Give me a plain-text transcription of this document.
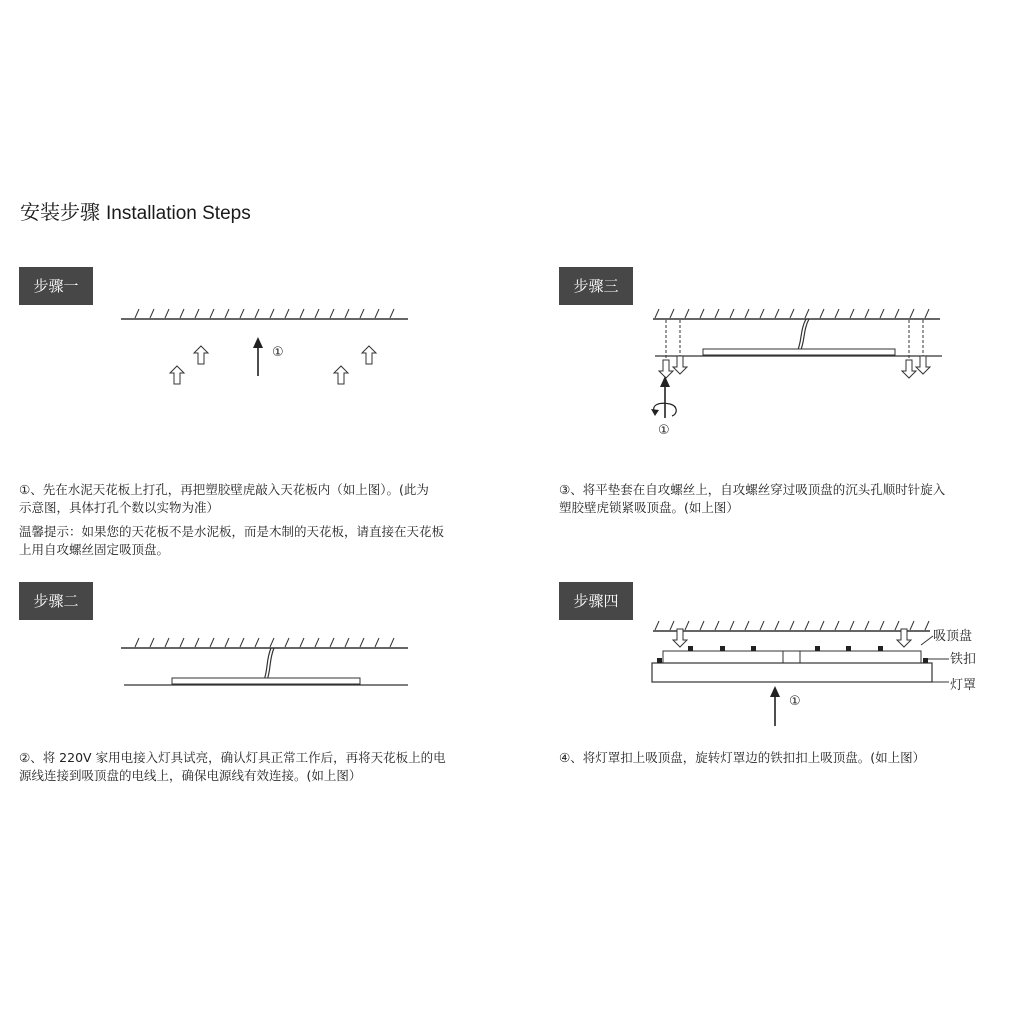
安装步骤 Installation Steps
步骤一
步骤二
步骤三
步骤四
①
①
吸顶盘
铁扣
灯罩
①

①、先在水泥天花板上打孔，再把塑胶壁虎敲入天花板内（如上图）。(此为

示意图，具体打孔个数以实物为准）

温馨提示：如果您的天花板不是水泥板，而是木制的天花板，请直接在天花板

上用自攻螺丝固定吸顶盘。

②、将 220V 家用电接入灯具试亮，确认灯具正常工作后，再将天花板上的电

源线连接到吸顶盘的电线上，确保电源线有效连接。(如上图）

③、将平垫套在自攻螺丝上，自攻螺丝穿过吸顶盘的沉头孔顺时针旋入

塑胶壁虎锁紧吸顶盘。(如上图）

④、将灯罩扣上吸顶盘，旋转灯罩边的铁扣扣上吸顶盘。(如上图）
